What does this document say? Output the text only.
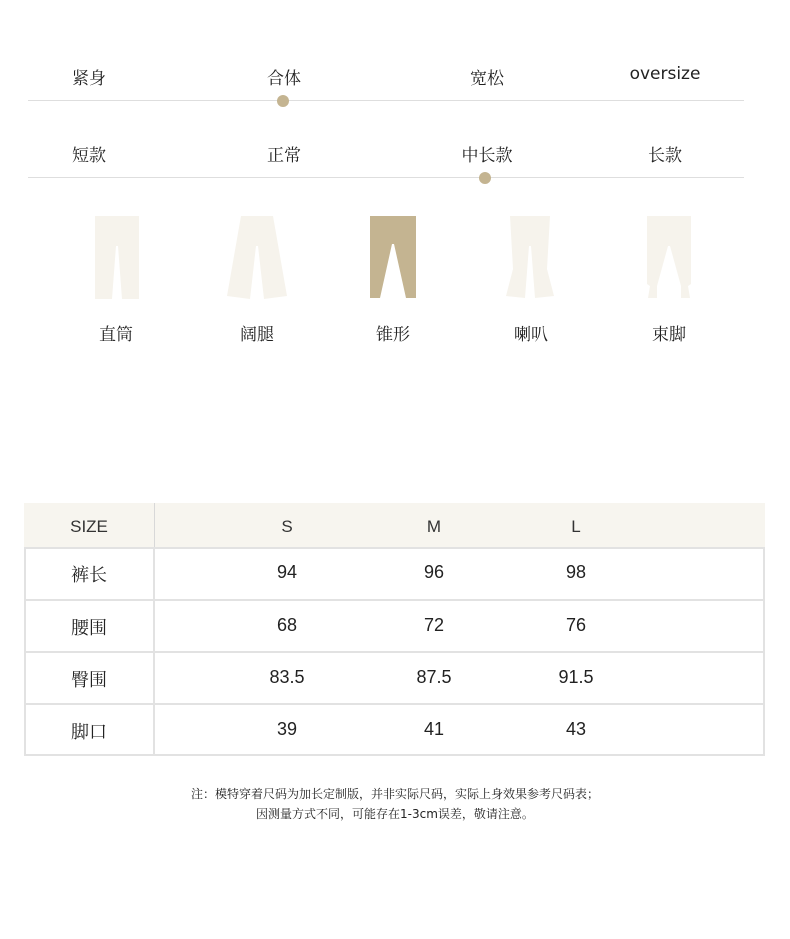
紧身	合体	宽松	oversize
短款	正常	中长款	长款
直筒	阔腿	锥形	喇叭	束脚
SIZE	S	M	L
裤长	94	96	98
腰围	68	72	76
臀围	83.5	87.5	91.5
脚口	39	41	43
注：模特穿着尺码为加长定制版，并非实际尺码，实际上身效果参考尺码表；
因测量方式不同，可能存在1-3cm误差，敬请注意。
